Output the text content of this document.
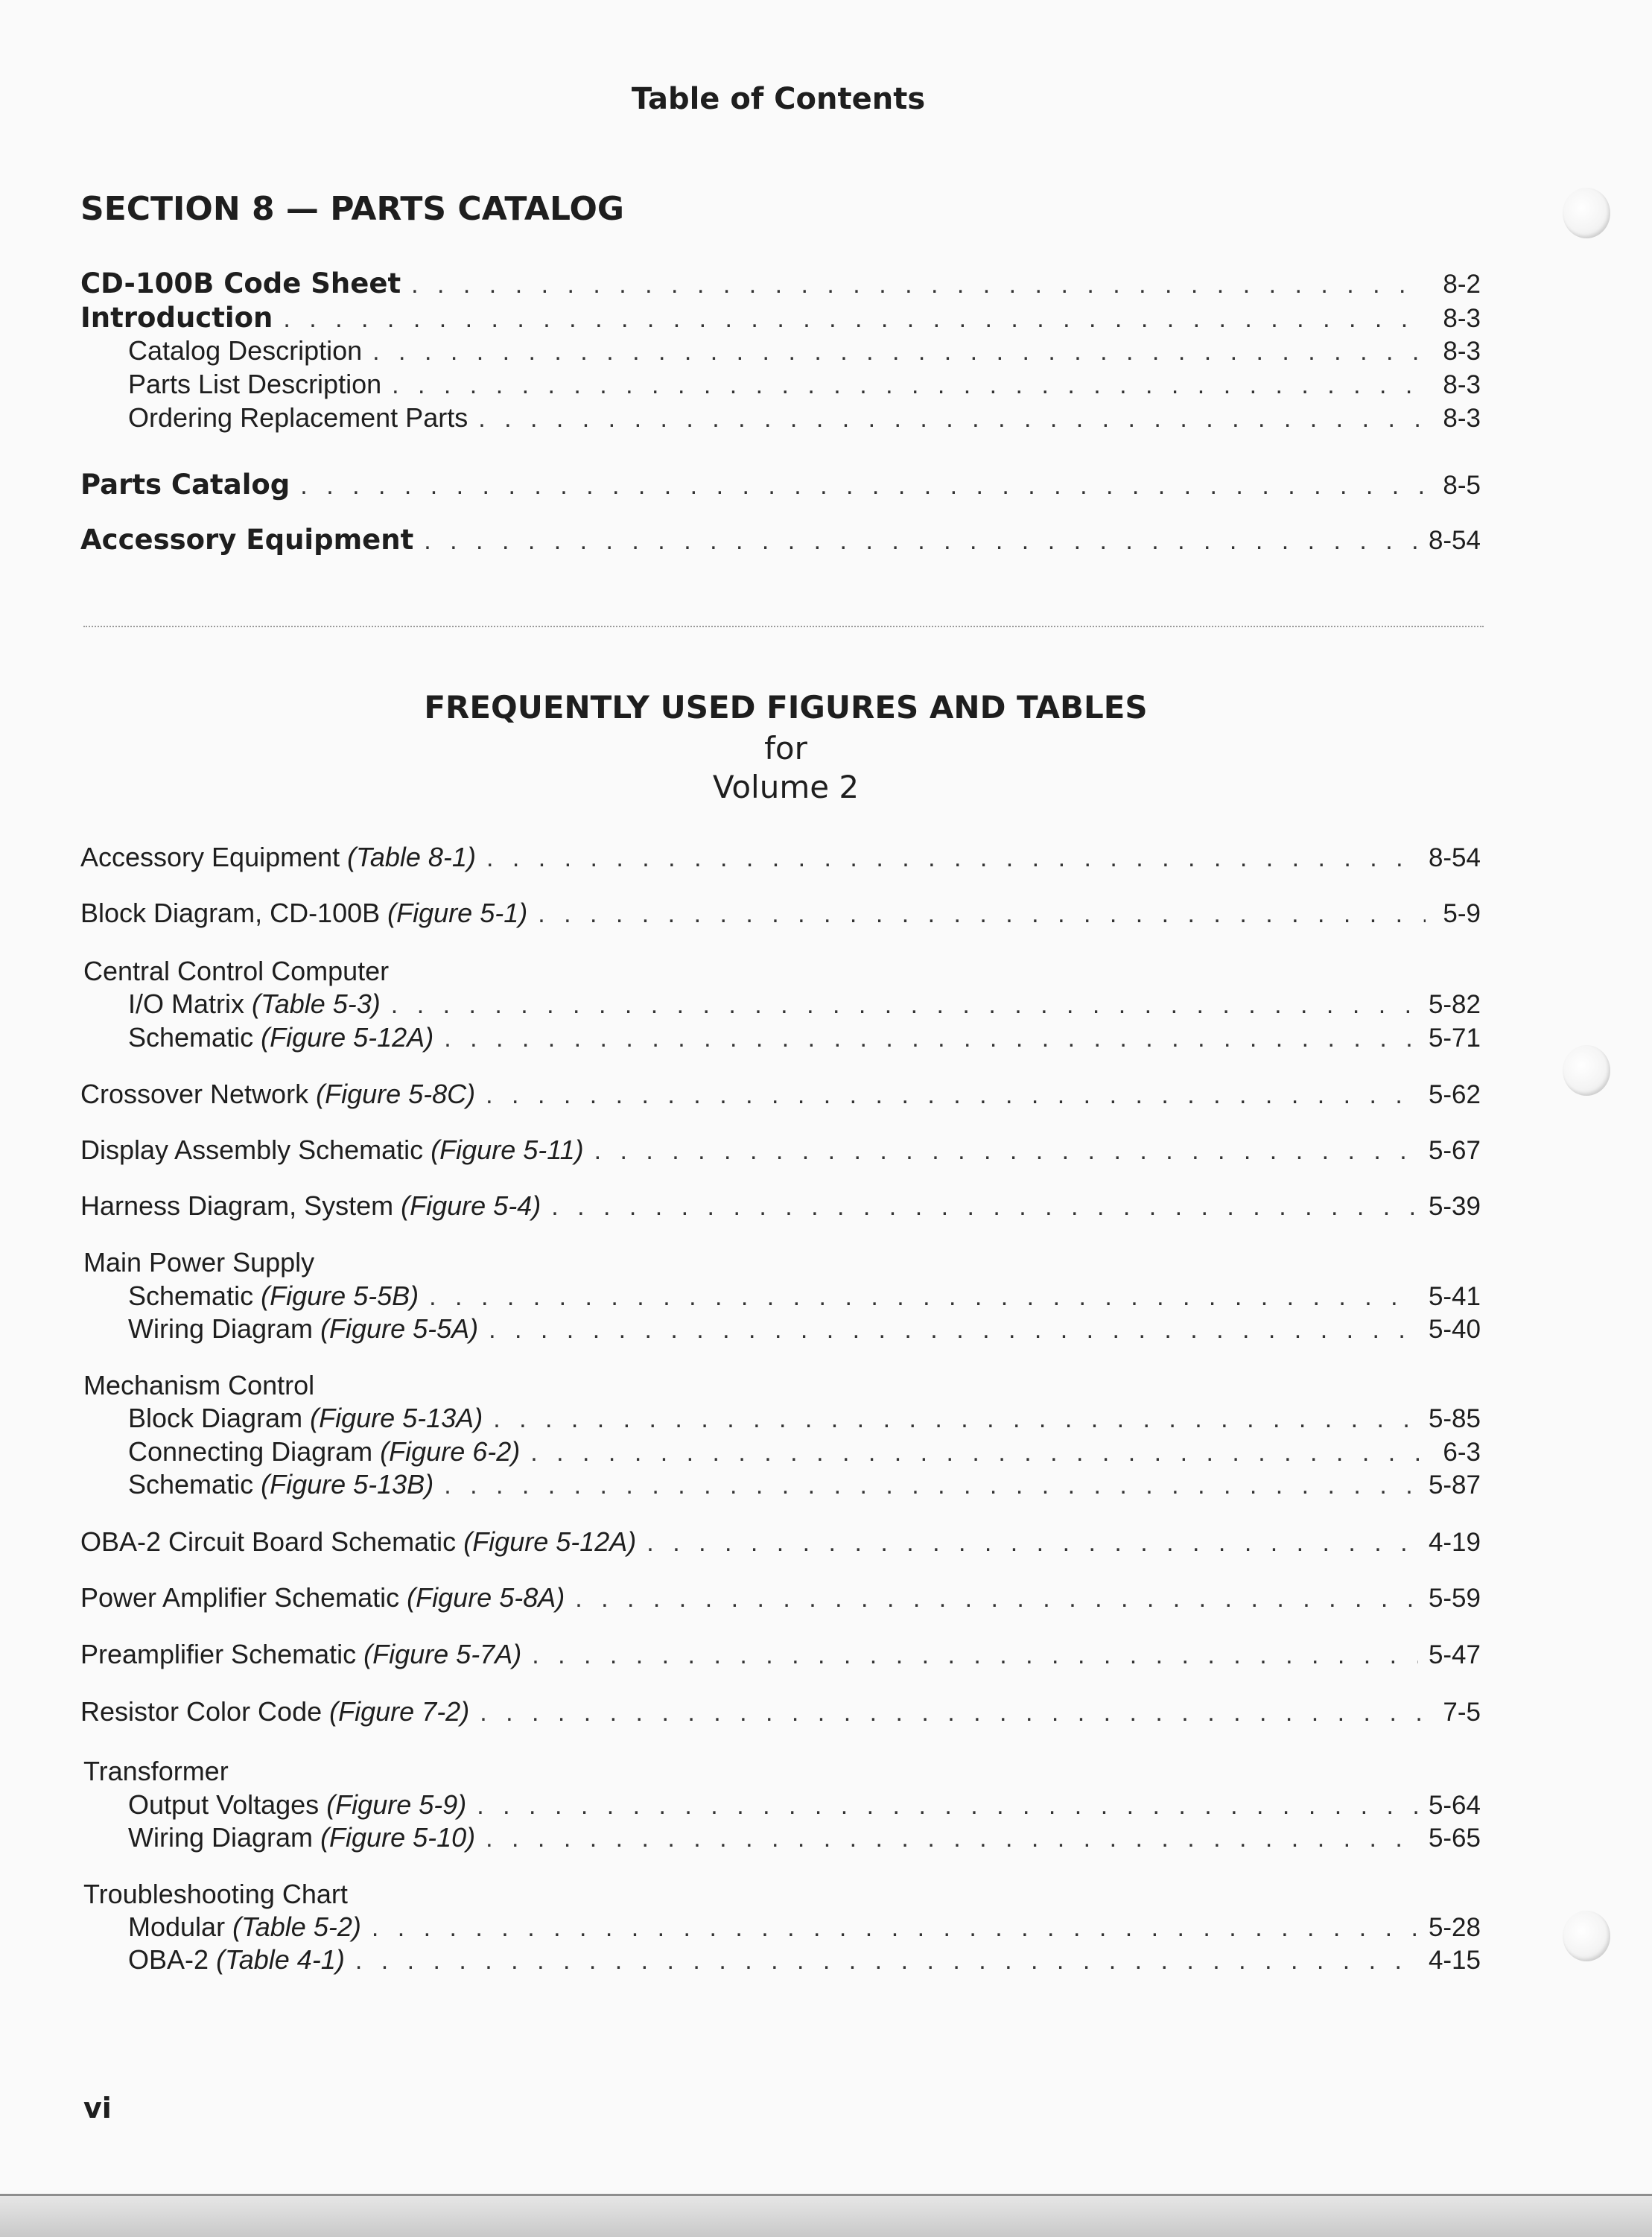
Table of Contents
SECTION 8 — PARTS CATALOG
CD-100B Code Sheet . . .	8-2
Introduction . . .	8-3
Catalog Description . . .	8-3
Parts List Description . . .	8-3
Ordering Replacement Parts . . .	8-3
Parts Catalog . . .	8-5
Accessory Equipment . . .	8-54
FREQUENTLY USED FIGURES AND TABLES
for
Volume 2
Accessory Equipment (Table 8-1) . . .	8-54
Block Diagram, CD-100B (Figure 5-1) . . .	5-9
Central Control Computer
I/O Matrix (Table 5-3) . . .	5-82
Schematic (Figure 5-12A) . . .	5-71
Crossover Network (Figure 5-8C) . . .	5-62
Display Assembly Schematic (Figure 5-11) . . .	5-67
Harness Diagram, System (Figure 5-4) . . .	5-39
Main Power Supply
Schematic (Figure 5-5B) . . .	5-41
Wiring Diagram (Figure 5-5A) . . .	5-40
Mechanism Control
Block Diagram (Figure 5-13A) . . .	5-85
Connecting Diagram (Figure 6-2) . . .	6-3
Schematic (Figure 5-13B) . . .	5-87
OBA-2 Circuit Board Schematic (Figure 5-12A) . . .	4-19
Power Amplifier Schematic (Figure 5-8A) . . .	5-59
Preamplifier Schematic (Figure 5-7A) . . .	5-47
Resistor Color Code (Figure 7-2) . . .	7-5
Transformer
Output Voltages (Figure 5-9) . . .	5-64
Wiring Diagram (Figure 5-10) . . .	5-65
Troubleshooting Chart
Modular (Table 5-2) . . .	5-28
OBA-2 (Table 4-1) . . .	4-15
vi
